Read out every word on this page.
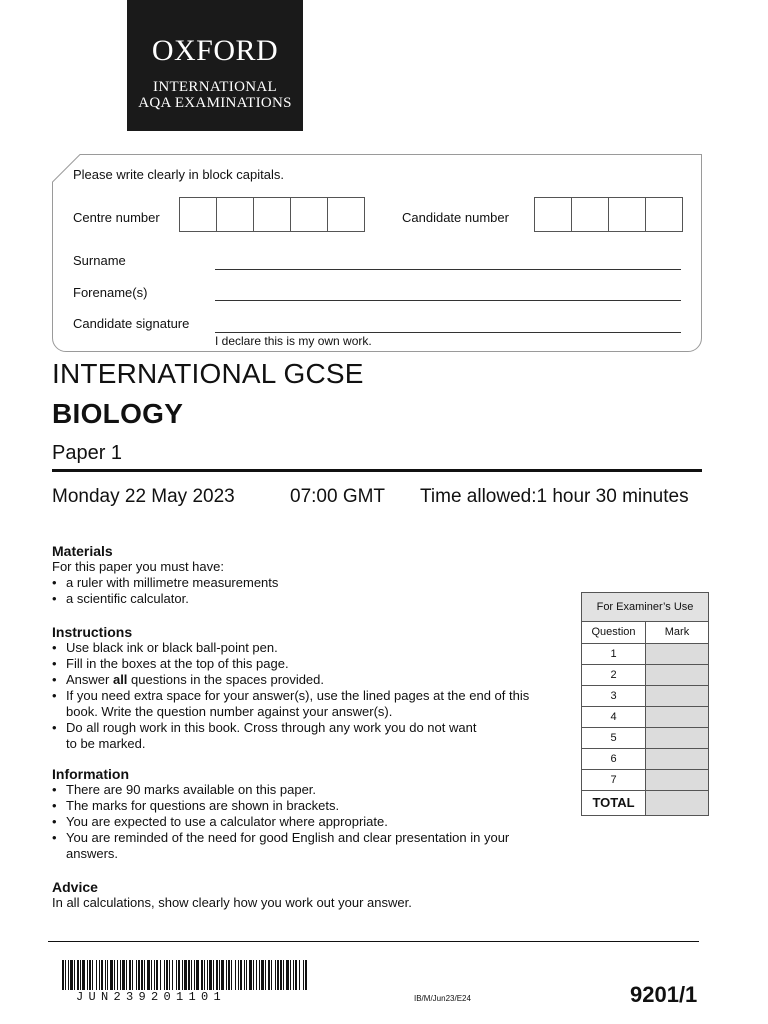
OXFORD
INTERNATIONAL
AQA EXAMINATIONS
Please write clearly in block capitals.
Centre number	Candidate number
Surname
Forename(s)
Candidate signature
I declare this is my own work.
INTERNATIONAL GCSE
BIOLOGY
Paper 1
Monday 22 May 2023	07:00 GMT Time allowed:1 hour 30 minutes
Materials
For this paper you must have:
• a ruler with millimetre measurements
• a scientific calculator.
Instructions
• Use black ink or black ball-point pen.
• Fill in the boxes at the top of this page.
• Answer all questions in the spaces provided.
• If you need extra space for your answer(s), use the lined pages at the end of this book. Write the question number against your answer(s).
• Do all rough work in this book. Cross through any work you do not want to be marked.
Information
• There are 90 marks available on this paper.
• The marks for questions are shown in brackets.
• You are expected to use a calculator where appropriate.
• You are reminded of the need for good English and clear presentation in your answers.
Advice
In all calculations, show clearly how you work out your answer.
For Examiner’s Use
Question	Mark
1
2
3
4
5
6
7
TOTAL
JUN239201101	IB/M/Jun23/E24	9201/1
